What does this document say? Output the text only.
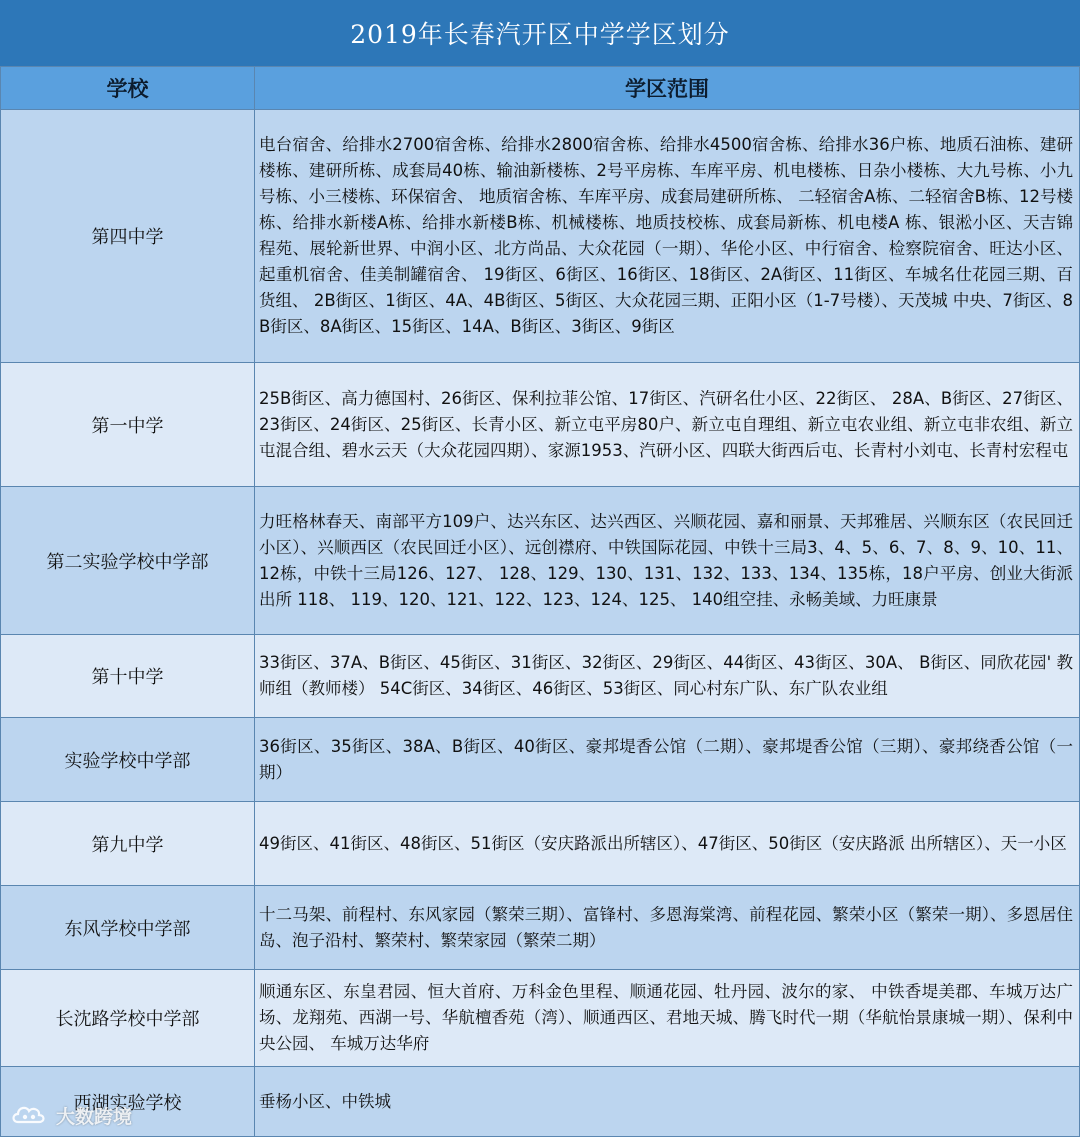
2019年长春汽开区中学学区划分
学校	学区范围
第四中学	电台宿舍、给排水2700宿舍栋、给排水2800宿舍栋、给排水4500宿舍栋、给排水36户栋、地质石油栋、建研楼栋、建研所栋、成套局40栋、输油新楼栋、2号平房栋、车库平房、机电楼栋、日杂小楼栋、大九号栋、小九号栋、小三楼栋、环保宿舍、 地质宿舍栋、车库平房、成套局建研所栋、 二轻宿舍A栋、二轻宿舍B栋、12号楼栋、给排水新楼A栋、给排水新楼B栋、机械楼栋、地质技校栋、成套局新栋、机电楼A 栋、银淞小区、天吉锦程苑、展轮新世界、中润小区、北方尚品、大众花园（一期）、华伦小区、中行宿舍、检察院宿舍、旺达小区、起重机宿舍、佳美制罐宿舍、 19街区、6街区、16街区、18街区、2A街区、11街区、车城名仕花园三期、百货组、 2B街区、1街区、4A、4B街区、5街区、大众花园三期、正阳小区（1-7号楼）、天茂城 中央、7街区、8B街区、8A街区、15街区、14A、B街区、3街区、9街区
第一中学	25B街区、高力德国村、26街区、保利拉菲公馆、17街区、汽研名仕小区、22街区、 28A、B街区、27街区、23街区、24街区、25街区、长青小区、新立屯平房80户、新立屯自理组、新立屯农业组、新立屯非农组、新立屯混合组、碧水云天（大众花园四期）、家源1953、汽研小区、四联大街西后屯、长青村小刘屯、长青村宏程屯
第二实验学校中学部	力旺格林春天、南部平方109户、达兴东区、达兴西区、兴顺花园、嘉和丽景、天邦雅居、兴顺东区（农民回迁小区）、兴顺西区（农民回迁小区）、远创襟府、中铁国际花园、中铁十三局3、4、5、6、7、8、9、10、11、12栋，中铁十三局126、127、 128、129、130、131、132、133、134、135栋，18户平房、创业大街派出所 118、 119、120、121、122、123、124、125、 140组空挂、永畅美域、力旺康景
第十中学	33街区、37A、B街区、45街区、31街区、32街区、29街区、44街区、43街区、30A、 B街区、同欣花园' 教师组（教师楼） 54C街区、34街区、46街区、53街区、同心村东广队、东广队农业组
实验学校中学部	36街区、35街区、38A、B街区、40街区、豪邦堤香公馆（二期）、豪邦堤香公馆（三期）、豪邦绕香公馆（一期）
第九中学	49街区、41街区、48街区、51街区（安庆路派出所辖区）、47街区、50街区（安庆路派 出所辖区）、天一小区
东风学校中学部	十二马架、前程村、东风家园（繁荣三期）、富锋村、多恩海棠湾、前程花园、繁荣小区（繁荣一期）、多恩居住岛、泡子沿村、繁荣村、繁荣家园（繁荣二期）
长沈路学校中学部	顺通东区、东皇君园、恒大首府、万科金色里程、顺通花园、牡丹园、波尔的家、 中铁香堤美郡、车城万达广场、龙翔苑、西湖一号、华航檀香苑（湾）、顺通西区、君地天城、腾飞时代一期（华航怡景康城一期）、保利中央公园、 车城万达华府
西湖实验学校	垂杨小区、中铁城
大数跨境
